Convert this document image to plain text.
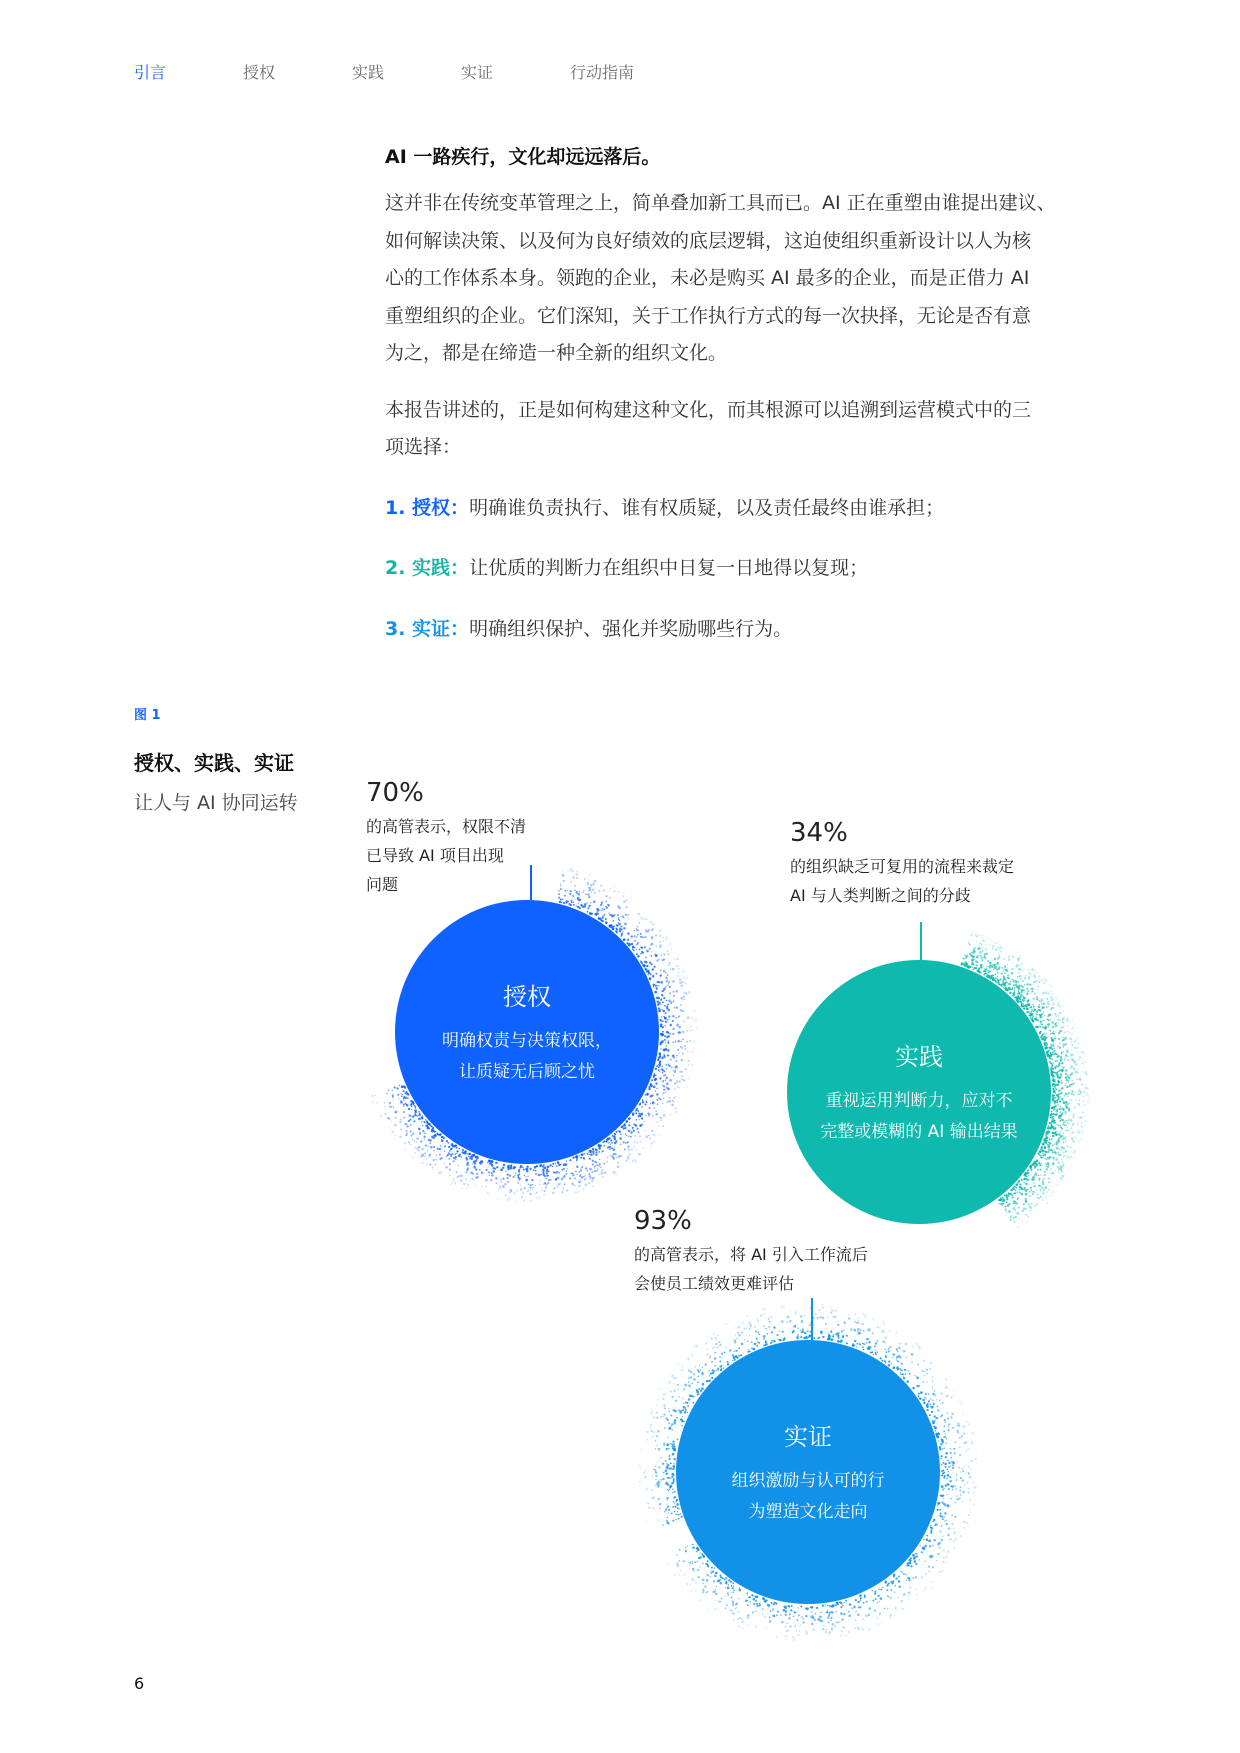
引言	授权	实践	实证	行动指南
AI 一路疾行，文化却远远落后。

这并非在传统变革管理之上，简单叠加新工具而已。AI 正在重塑由谁提出建议、
如何解读决策、以及何为良好绩效的底层逻辑，这迫使组织重新设计以人为核
心的工作体系本身。领跑的企业，未必是购买 AI 最多的企业，而是正借力 AI
重塑组织的企业。它们深知，关于工作执行方式的每一次抉择，无论是否有意
为之，都是在缔造一种全新的组织文化。

本报告讲述的，正是如何构建这种文化，而其根源可以追溯到运营模式中的三
项选择：

1. 授权：明确谁负责执行、谁有权质疑，以及责任最终由谁承担；
2. 实践：让优质的判断力在组织中日复一日地得以复现；
3. 实证：明确组织保护、强化并奖励哪些行为。
图 1
授权、实践、实证
让人与 AI 协同运转
授权
明确权责与决策权限，
让质疑无后顾之忧
实践
重视运用判断力，应对不
完整或模糊的 AI 输出结果
实证
组织激励与认可的行
为塑造文化走向
70%
的高管表示，权限不清
已导致 AI 项目出现
问题
34%
的组织缺乏可复用的流程来裁定
AI 与人类判断之间的分歧
93%
的高管表示，将 AI 引入工作流后
会使员工绩效更难评估
6
